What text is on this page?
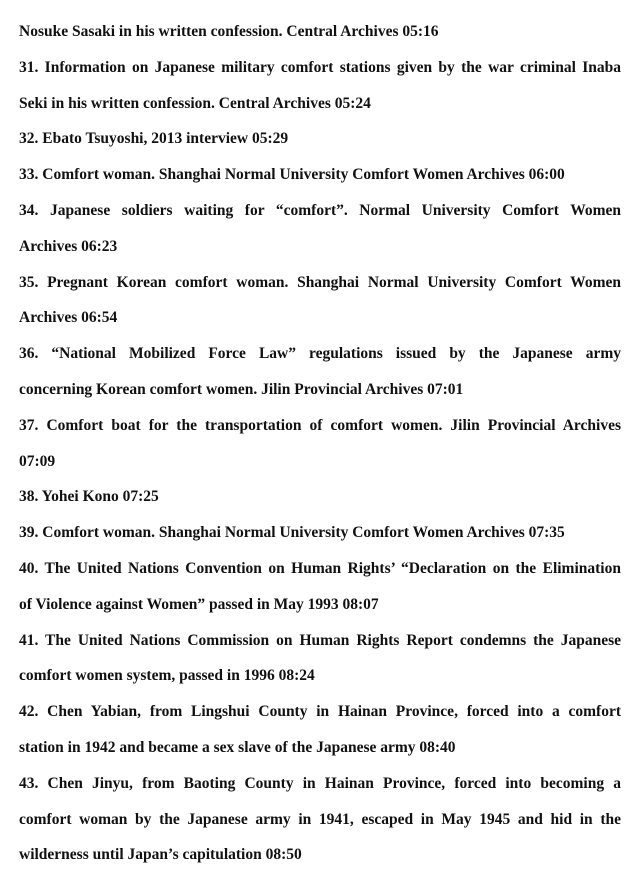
Nosuke Sasaki in his written confession. Central Archives 05:16
31. Information on Japanese military comfort stations given by the war criminal Inaba
Seki in his written confession. Central Archives 05:24
32. Ebato Tsuyoshi, 2013 interview 05:29
33. Comfort woman. Shanghai Normal University Comfort Women Archives 06:00
34. Japanese soldiers waiting for “comfort”. Normal University Comfort Women
Archives 06:23
35. Pregnant Korean comfort woman. Shanghai Normal University Comfort Women
Archives 06:54
36. “National Mobilized Force Law” regulations issued by the Japanese army
concerning Korean comfort women. Jilin Provincial Archives 07:01
37. Comfort boat for the transportation of comfort women. Jilin Provincial Archives
07:09
38. Yohei Kono 07:25
39. Comfort woman. Shanghai Normal University Comfort Women Archives 07:35
40. The United Nations Convention on Human Rights’ “Declaration on the Elimination
of Violence against Women” passed in May 1993 08:07
41. The United Nations Commission on Human Rights Report condemns the Japanese
comfort women system, passed in 1996 08:24
42. Chen Yabian, from Lingshui County in Hainan Province, forced into a comfort
station in 1942 and became a sex slave of the Japanese army 08:40
43. Chen Jinyu, from Baoting County in Hainan Province, forced into becoming a
comfort woman by the Japanese army in 1941, escaped in May 1945 and hid in the
wilderness until Japan’s capitulation 08:50
